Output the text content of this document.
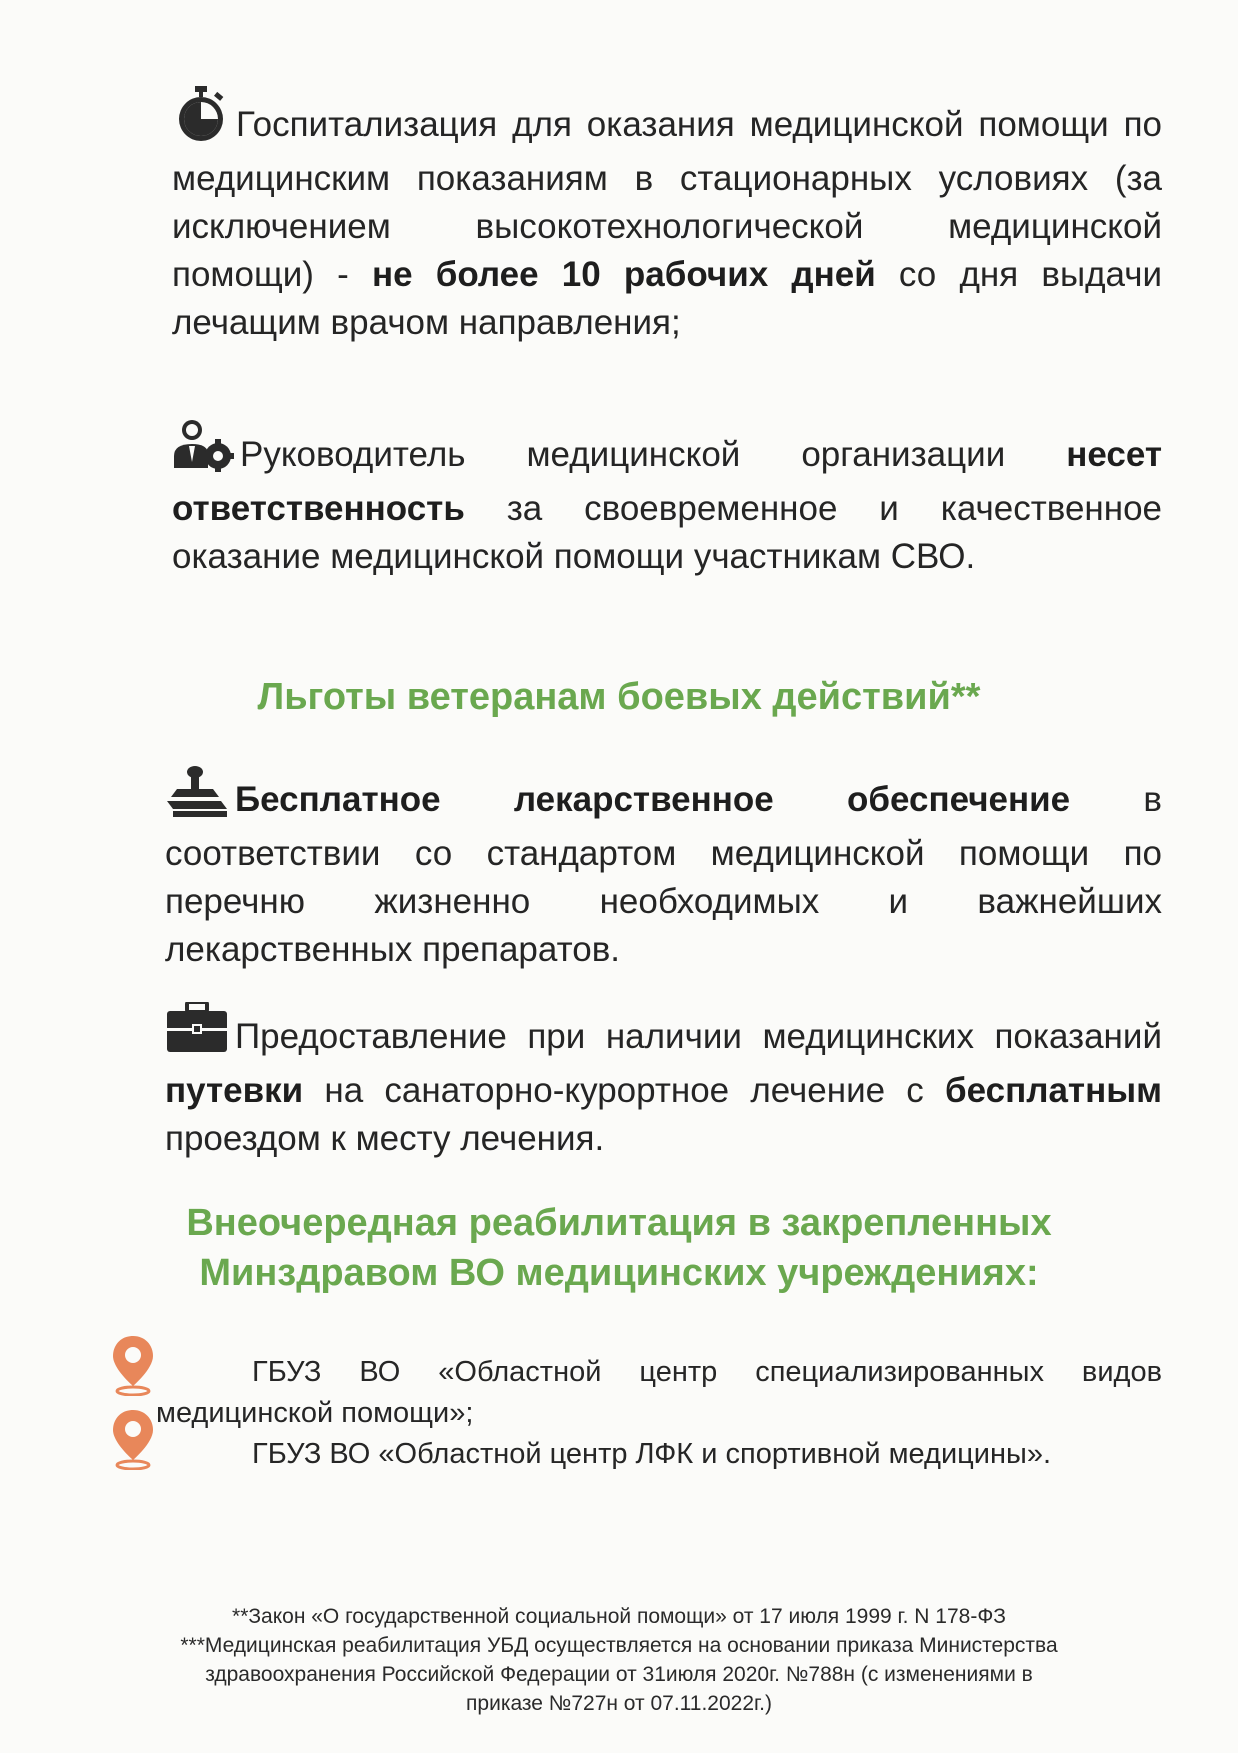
Госпитализация для оказания медицинской помощи по медицинским показаниям в стационарных условиях (за исключением высокотехнологической медицинской помощи) - не более 10 рабочих дней со дня выдачи лечащим врачом направления;
Руководитель медицинской организации несет ответственность за своевременное и качественное оказание медицинской помощи участникам СВО.
Льготы ветеранам боевых действий**
Бесплатное лекарственное обеспечение в соответствии со стандартом медицинской помощи по перечню жизненно необходимых и важнейших лекарственных препаратов.
Предоставление при наличии медицинских показаний путевки на санаторно-курортное лечение с бесплатным проездом к месту лечения.
Внеочередная реабилитация в закрепленных
Минздравом ВО медицинских учреждениях:
ГБУЗ ВО «Областной центр специализированных видов медицинской помощи»;
ГБУЗ ВО «Областной центр ЛФК и спортивной медицины».
**Закон «О государственной социальной помощи» от 17 июля 1999 г. N 178-ФЗ
***Медицинская реабилитация УБД осуществляется на основании приказа Министерства
здравоохранения Российской Федерации от 31июля 2020г. №788н (с изменениями в
приказе №727н от 07.11.2022г.)
